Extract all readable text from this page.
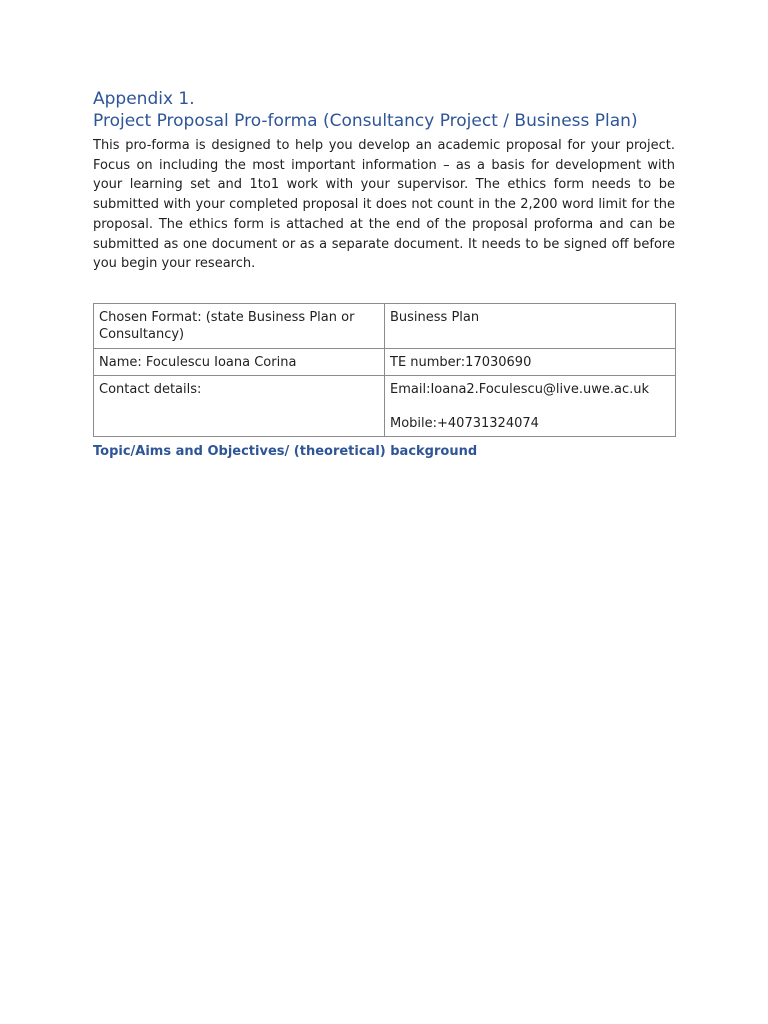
Appendix 1.
Project Proposal Pro-forma (Consultancy Project / Business Plan)

This pro-forma is designed to help you develop an academic proposal for your project. Focus on including the most important information – as a basis for development with your learning set and 1to1 work with your supervisor. The ethics form needs to be submitted with your completed proposal it does not count in the 2,200 word limit for the proposal. The ethics form is attached at the end of the proposal proforma and can be submitted as one document or as a separate document. It needs to be signed off before you begin your research.

Chosen Format: (state Business Plan or Consultancy)	Business Plan
Name: Foculescu Ioana Corina	TE number:17030690
Contact details:	Email:Ioana2.Foculescu@live.uwe.ac.uk
Mobile:+40731324074

Topic/Aims and Objectives/ (theoretical) background
